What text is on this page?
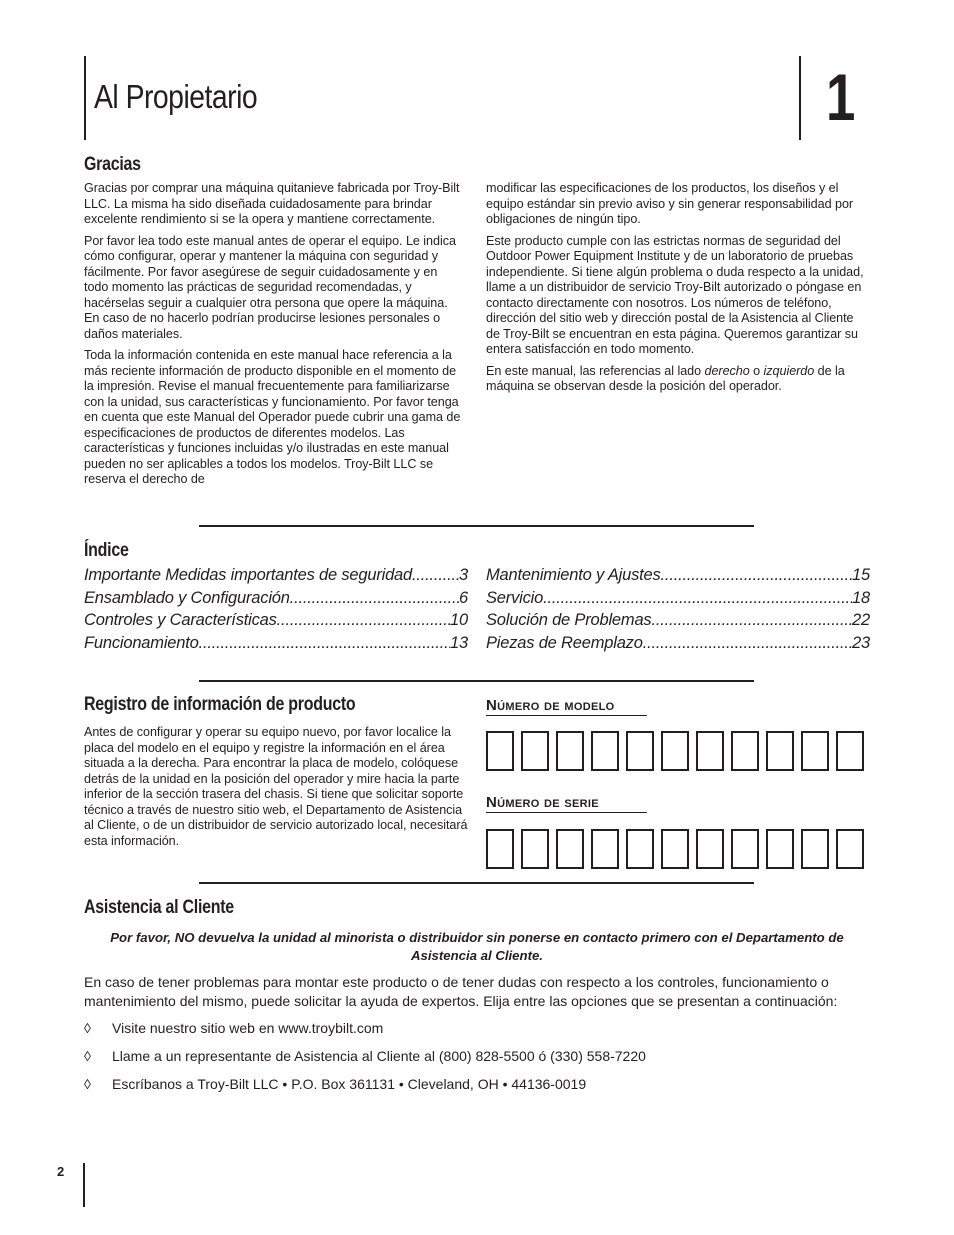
Al Propietario	1
Gracias

Gracias por comprar una máquina quitanieve fabricada por Troy-Bilt LLC. La misma ha sido diseñada cuidadosamente para brindar excelente rendimiento si se la opera y mantiene correctamente.

Por favor lea todo este manual antes de operar el equipo. Le indica cómo configurar, operar y mantener la máquina con seguridad y fácilmente. Por favor asegúrese de seguir cuidadosamente y en todo momento las prácticas de seguridad recomendadas, y hacérselas seguir a cualquier otra persona que opere la máquina. En caso de no hacerlo podrían producirse lesiones personales o daños materiales.

Toda la información contenida en este manual hace referencia a la más reciente información de producto disponible en el momento de la impresión. Revise el manual frecuentemente para familiarizarse con la unidad, sus características y funcionamiento. Por favor tenga en cuenta que este Manual del Operador puede cubrir una gama de especificaciones de productos de diferentes modelos. Las características y funciones incluidas y/o ilustradas en este manual pueden no ser aplicables a todos los modelos. Troy-Bilt LLC se reserva el derecho de

modificar las especificaciones de los productos, los diseños y el equipo estándar sin previo aviso y sin generar responsabilidad por obligaciones de ningún tipo.

Este producto cumple con las estrictas normas de seguridad del Outdoor Power Equipment Institute y de un laboratorio de pruebas independiente. Si tiene algún problema o duda respecto a la unidad, llame a un distribuidor de servicio Troy-Bilt autorizado o póngase en contacto directamente con nosotros. Los números de teléfono, dirección del sitio web y dirección postal de la Asistencia al Cliente de Troy-Bilt se encuentran en esta página. Queremos garantizar su entera satisfacción en todo momento.

En este manual, las referencias al lado derecho o izquierdo de la máquina se observan desde la posición del operador.

Índice
Importante Medidas importantes de seguridad .....	3
Ensamblado y Configuración .....	6
Controles y Características .....	10
Funcionamiento .....	13
Mantenimiento y Ajustes .....	15
Servicio .....	18
Solución de Problemas .....	22
Piezas de Reemplazo .....	23
Registro de información de producto

Antes de configurar y operar su equipo nuevo, por favor localice la placa del modelo en el equipo y registre la información en el área situada a la derecha. Para encontrar la placa de modelo, colóquese detrás de la unidad en la posición del operador y mire hacia la parte inferior de la sección trasera del chasis. Si tiene que solicitar soporte técnico a través de nuestro sitio web, el Departamento de Asistencia al Cliente, o de un distribuidor de servicio autorizado local, necesitará esta información.

Número de modelo
Número de serie
Asistencia al Cliente
Por favor, NO devuelva la unidad al minorista o distribuidor sin ponerse en contacto primero con el Departamento de Asistencia al Cliente.

En caso de tener problemas para montar este producto o de tener dudas con respecto a los controles, funcionamiento o mantenimiento del mismo, puede solicitar la ayuda de expertos. Elija entre las opciones que se presentan a continuación:

◊	Visite nuestro sitio web en www.troybilt.com
◊	Llame a un representante de Asistencia al Cliente al (800) 828-5500 ó (330) 558-7220
◊	Escríbanos a Troy-Bilt LLC • P.O. Box 361131 • Cleveland, OH • 44136-0019
2
